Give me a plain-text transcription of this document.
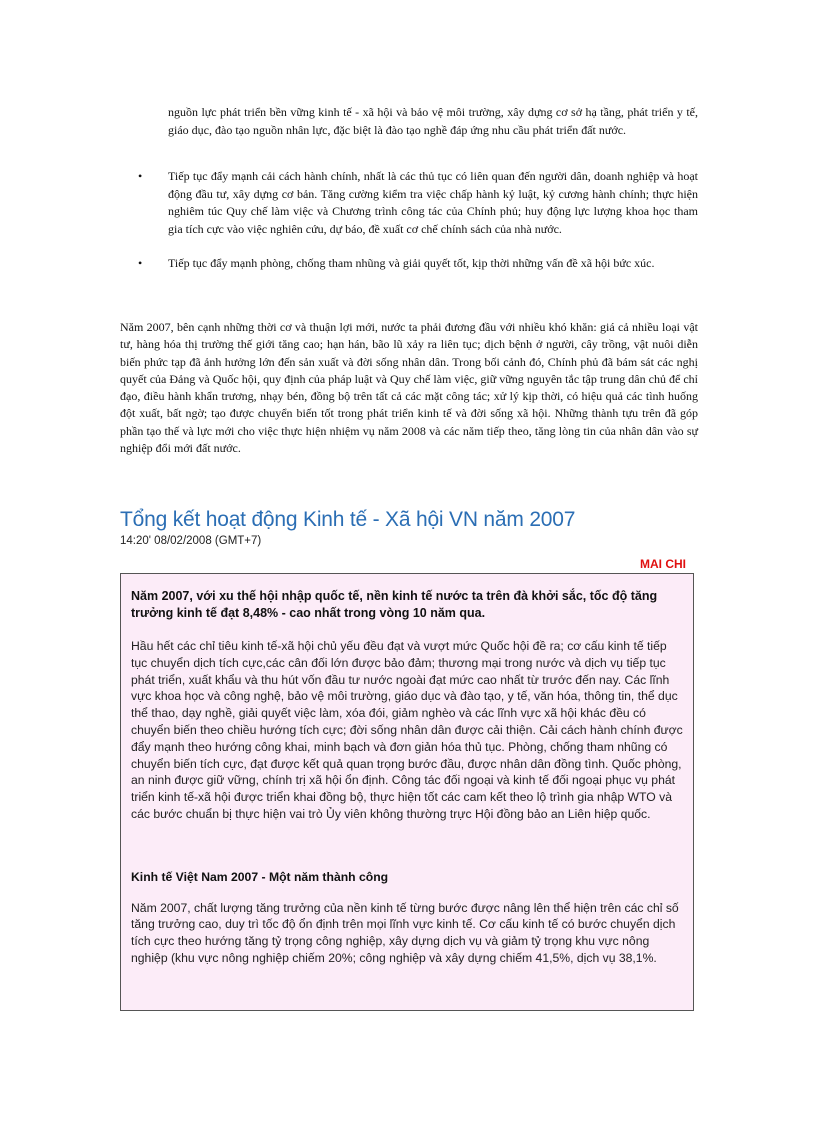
nguồn lực phát triển bền vững kinh tế - xã hội và bảo vệ môi trường, xây dựng cơ sở hạ tầng, phát triển y tế, giáo dục, đào tạo nguồn nhân lực, đặc biệt là đào tạo nghề đáp ứng nhu cầu phát triển đất nước.

• Tiếp tục đẩy mạnh cải cách hành chính, nhất là các thủ tục có liên quan đến người dân, doanh nghiệp và hoạt động đầu tư, xây dựng cơ bản. Tăng cường kiểm tra việc chấp hành kỷ luật, kỷ cương hành chính; thực hiện nghiêm túc Quy chế làm việc và Chương trình công tác của Chính phủ; huy động lực lượng khoa học tham gia tích cực vào việc nghiên cứu, dự báo, đề xuất cơ chế chính sách của nhà nước.
• Tiếp tục đẩy mạnh phòng, chống tham nhũng và giải quyết tốt, kịp thời những vấn đề xã hội bức xúc.

Năm 2007, bên cạnh những thời cơ và thuận lợi mới, nước ta phải đương đầu với nhiều khó khăn: giá cả nhiều loại vật tư, hàng hóa thị trường thế giới tăng cao; hạn hán, bão lũ xảy ra liên tục; dịch bệnh ở người, cây trồng, vật nuôi diễn biến phức tạp đã ảnh hưởng lớn đến sản xuất và đời sống nhân dân. Trong bối cảnh đó, Chính phủ đã bám sát các nghị quyết của Đảng và Quốc hội, quy định của pháp luật và Quy chế làm việc, giữ vững nguyên tắc tập trung dân chủ để chỉ đạo, điều hành khẩn trương, nhạy bén, đồng bộ trên tất cả các mặt công tác; xử lý kịp thời, có hiệu quả các tình huống đột xuất, bất ngờ; tạo được chuyển biến tốt trong phát triển kinh tế và đời sống xã hội. Những thành tựu trên đã góp phần tạo thế và lực mới cho việc thực hiện nhiệm vụ năm 2008 và các năm tiếp theo, tăng lòng tin của nhân dân vào sự nghiệp đổi mới đất nước.

Tổng kết hoạt động Kinh tế - Xã hội VN năm 2007
14:20' 08/02/2008 (GMT+7)
MAI CHI

Năm 2007, với xu thế hội nhập quốc tế, nền kinh tế nước ta trên đà khởi sắc, tốc độ tăng trưởng kinh tế đạt 8,48% - cao nhất trong vòng 10 năm qua.

Hầu hết các chỉ tiêu kinh tế-xã hội chủ yếu đều đạt và vượt mức Quốc hội đề ra; cơ cấu kinh tế tiếp tục chuyển dịch tích cực,các cân đối lớn được bảo đảm; thương mại trong nước và dịch vụ tiếp tục phát triển, xuất khẩu và thu hút vốn đầu tư nước ngoài đạt mức cao nhất từ trước đến nay. Các lĩnh vực khoa học và công nghệ, bảo vệ môi trường, giáo dục và đào tạo, y tế, văn hóa, thông tin, thể dục thể thao, dạy nghề, giải quyết việc làm, xóa đói, giảm nghèo và các lĩnh vực xã hội khác đều có chuyển biến theo chiều hướng tích cực; đời sống nhân dân được cải thiện. Cải cách hành chính được đẩy mạnh theo hướng công khai, minh bạch và đơn giản hóa thủ tục. Phòng, chống tham nhũng có chuyển biến tích cực, đạt được kết quả quan trọng bước đầu, được nhân dân đồng tình. Quốc phòng, an ninh được giữ vững, chính trị xã hội ổn định. Công tác đối ngoại và kinh tế đối ngoại phục vụ phát triển kinh tế-xã hội được triển khai đồng bộ, thực hiện tốt các cam kết theo lộ trình gia nhập WTO và các bước chuẩn bị thực hiện vai trò Ủy viên không thường trực Hội đồng bảo an Liên hiệp quốc.

Kinh tế Việt Nam 2007 - Một năm thành công

Năm 2007, chất lượng tăng trưởng của nền kinh tế từng bước được nâng lên thể hiện trên các chỉ số tăng trưởng cao, duy trì tốc độ ổn định trên mọi lĩnh vực kinh tế. Cơ cấu kinh tế có bước chuyển dịch tích cực theo hướng tăng tỷ trọng công nghiệp, xây dựng dịch vụ và giảm tỷ trọng khu vực nông nghiệp (khu vực nông nghiệp chiếm 20%; công nghiệp và xây dựng chiếm 41,5%, dịch vụ 38,1%.
